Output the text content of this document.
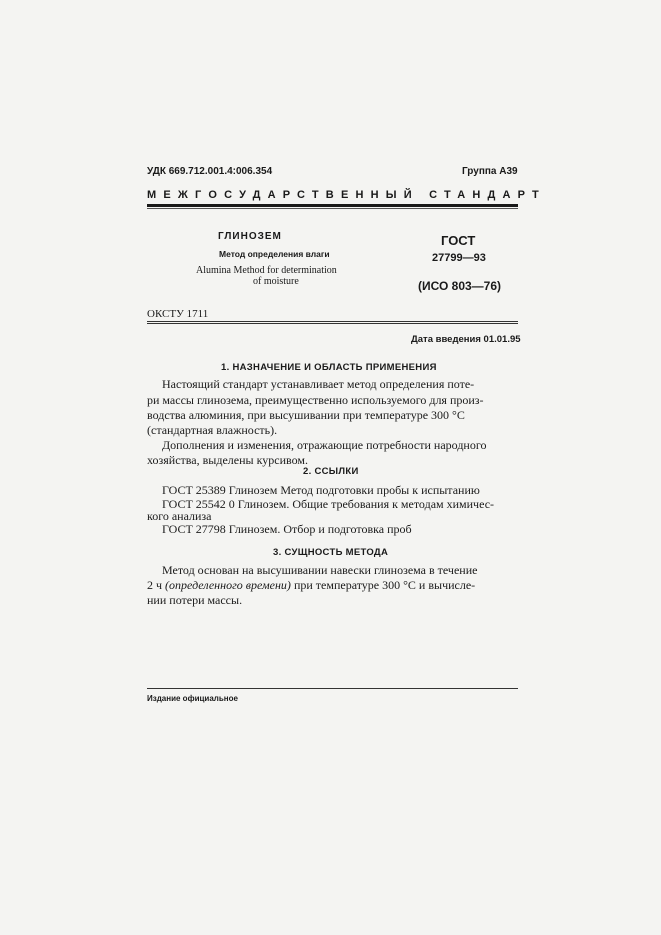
УДК 669.712.001.4:006.354	Группа А39
МЕЖГОСУДАРСТВЕННЫЙ СТАНДАРТ
ГЛИНОЗЕМ
Метод определения влаги
Alumina Method for determination
of moisture
ГОСТ
27799—93
(ИСО 803—76)
ОКСТУ 1711
Дата введения 01.01.95
1. НАЗНАЧЕНИЕ И ОБЛАСТЬ ПРИМЕНЕНИЯ
Настоящий стандарт устанавливает метод определения поте-
ри массы глинозема, преимущественно используемого для произ-
водства алюминия, при высушивании при температуре 300 °С
(стандартная влажность).
Дополнения и изменения, отражающие потребности народного
хозяйства, выделены курсивом.
2. ССЫЛКИ
ГОСТ 25389 Глинозем Метод подготовки пробы к испытанию
ГОСТ 25542 0 Глинозем. Общие требования к методам химичес-
кого анализа
ГОСТ 27798 Глинозем. Отбор и подготовка проб
3. СУЩНОСТЬ МЕТОДА
Метод основан на высушивании навески глинозема в течение
2 ч (определенного времени) при температуре 300 °С и вычисле-
нии потери массы.
Издание официальное
